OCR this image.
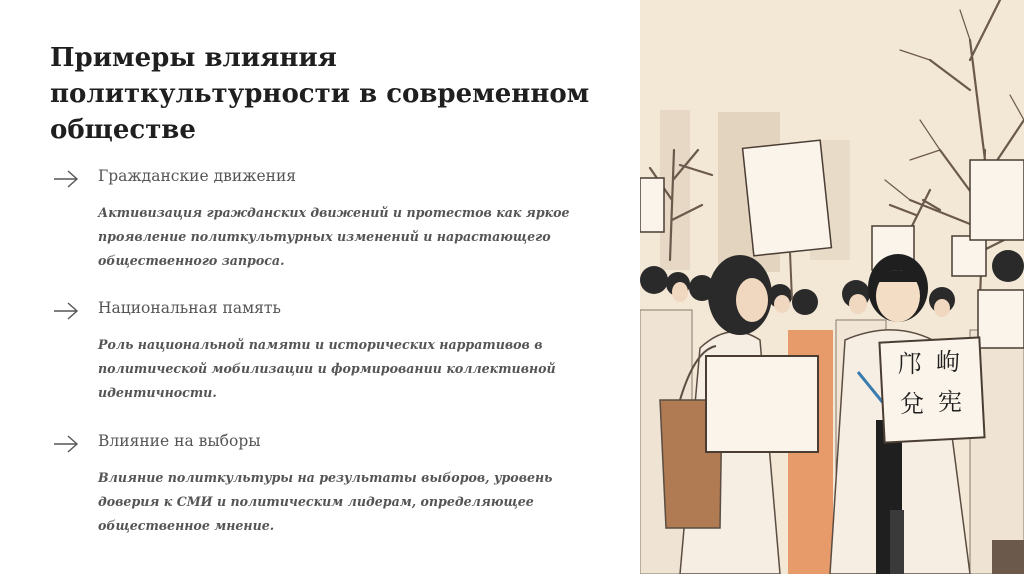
Примеры влияния
политкультурности в современном
обществе
Гражданские движения
Активизация гражданских движений и протестов как яркое
проявление политкультурных изменений и нарастающего
общественного запроса.
Национальная память
Роль национальной памяти и исторических нарративов в
политической мобилизации и формировании коллективной
идентичности.
Влияние на выборы
Влияние политкультуры на результаты выборов, уровень
доверия к СМИ и политическим лидерам, определяющее
общественное мнение.
邝 岣
兌 宪
